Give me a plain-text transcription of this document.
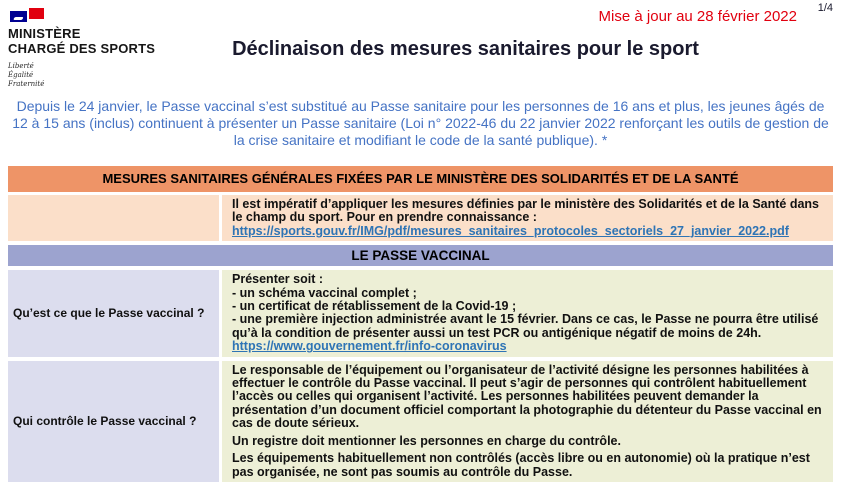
MINISTÈRE
CHARGÉ DES SPORTS
Liberté
Égalité
Fraternité
1/4
Mise à jour au 28 février 2022
Déclinaison des mesures sanitaires pour le sport

Depuis le 24 janvier, le Passe vaccinal s’est substitué au Passe sanitaire pour les personnes de 16 ans et plus, les jeunes âgés de 12 à 15 ans (inclus) continuent à présenter un Passe sanitaire (Loi n° 2022-46 du 22 janvier 2022 renforçant les outils de gestion de la crise sanitaire et modifiant le code de la santé publique). *

MESURES SANITAIRES GÉNÉRALES FIXÉES PAR LE MINISTÈRE DES SOLIDARITÉS ET DE LA SANTÉ
Il est impératif d’appliquer les mesures définies par le ministère des Solidarités et de la Santé dans le champ du sport. Pour en prendre connaissance :
https://sports.gouv.fr/IMG/pdf/mesures_sanitaires_protocoles_sectoriels_27_janvier_2022.pdf
LE PASSE VACCINAL
Qu’est ce que le Passe vaccinal ?
Présenter soit :
- un schéma vaccinal complet ;
- un certificat de rétablissement de la Covid-19 ;
- une première injection administrée avant le 15 février. Dans ce cas, le Passe ne pourra être utilisé qu’à la condition de présenter aussi un test PCR ou antigénique négatif de moins de 24h.
https://www.gouvernement.fr/info-coronavirus
Qui contrôle le Passe vaccinal ?

Le responsable de l’équipement ou l’organisateur de l’activité désigne les personnes habilitées à effectuer le contrôle du Passe vaccinal. Il peut s’agir de personnes qui contrôlent habituellement l’accès ou celles qui organisent l’activité. Les personnes habilitées peuvent demander la présentation d’un document officiel comportant la photographie du détenteur du Passe vaccinal en cas de doute sérieux.

Un registre doit mentionner les personnes en charge du contrôle.

Les équipements habituellement non contrôlés (accès libre ou en autonomie) où la pratique n’est pas organisée, ne sont pas soumis au contrôle du Passe.
